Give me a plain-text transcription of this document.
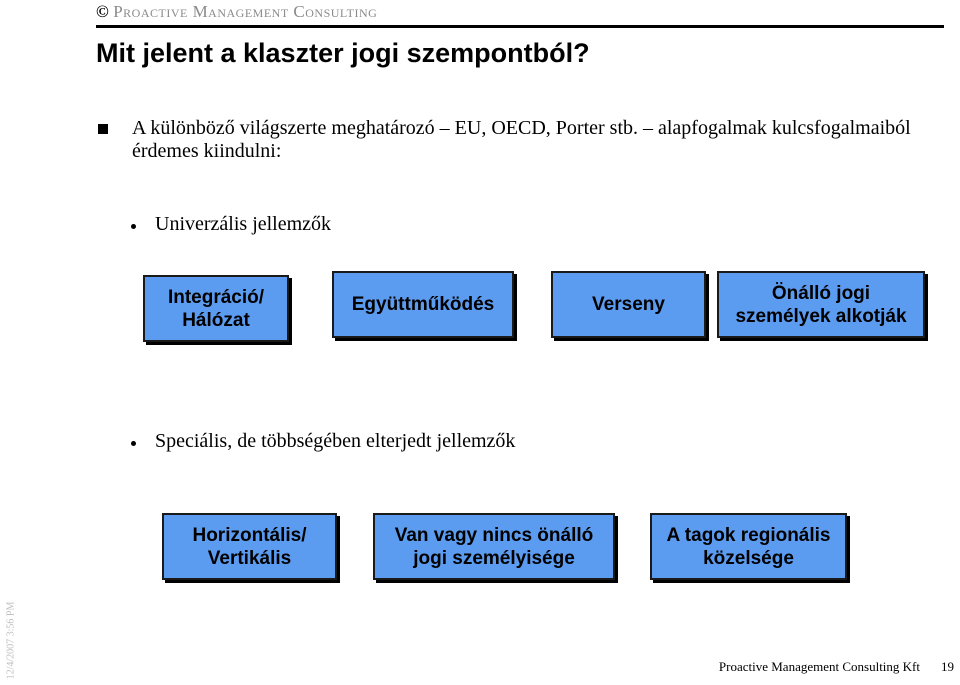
© Proactive Management Consulting
Mit jelent a klaszter jogi szempontból?
A különböző világszerte meghatározó – EU, OECD, Porter stb. – alapfogalmak kulcsfogalmaiból érdemes kiindulni:
Univerzális jellemzők
Integráció/
Hálózat
Együttműködés	Verseny
Önálló jogi
személyek alkotják
Speciális, de többségében elterjedt jellemzők
Horizontális/
Vertikális
Van vagy nincs önálló
jogi személyisége
A tagok regionális
közelsége
12/4/2007 3:56 PM	Proactive Management Consulting Kft 19
